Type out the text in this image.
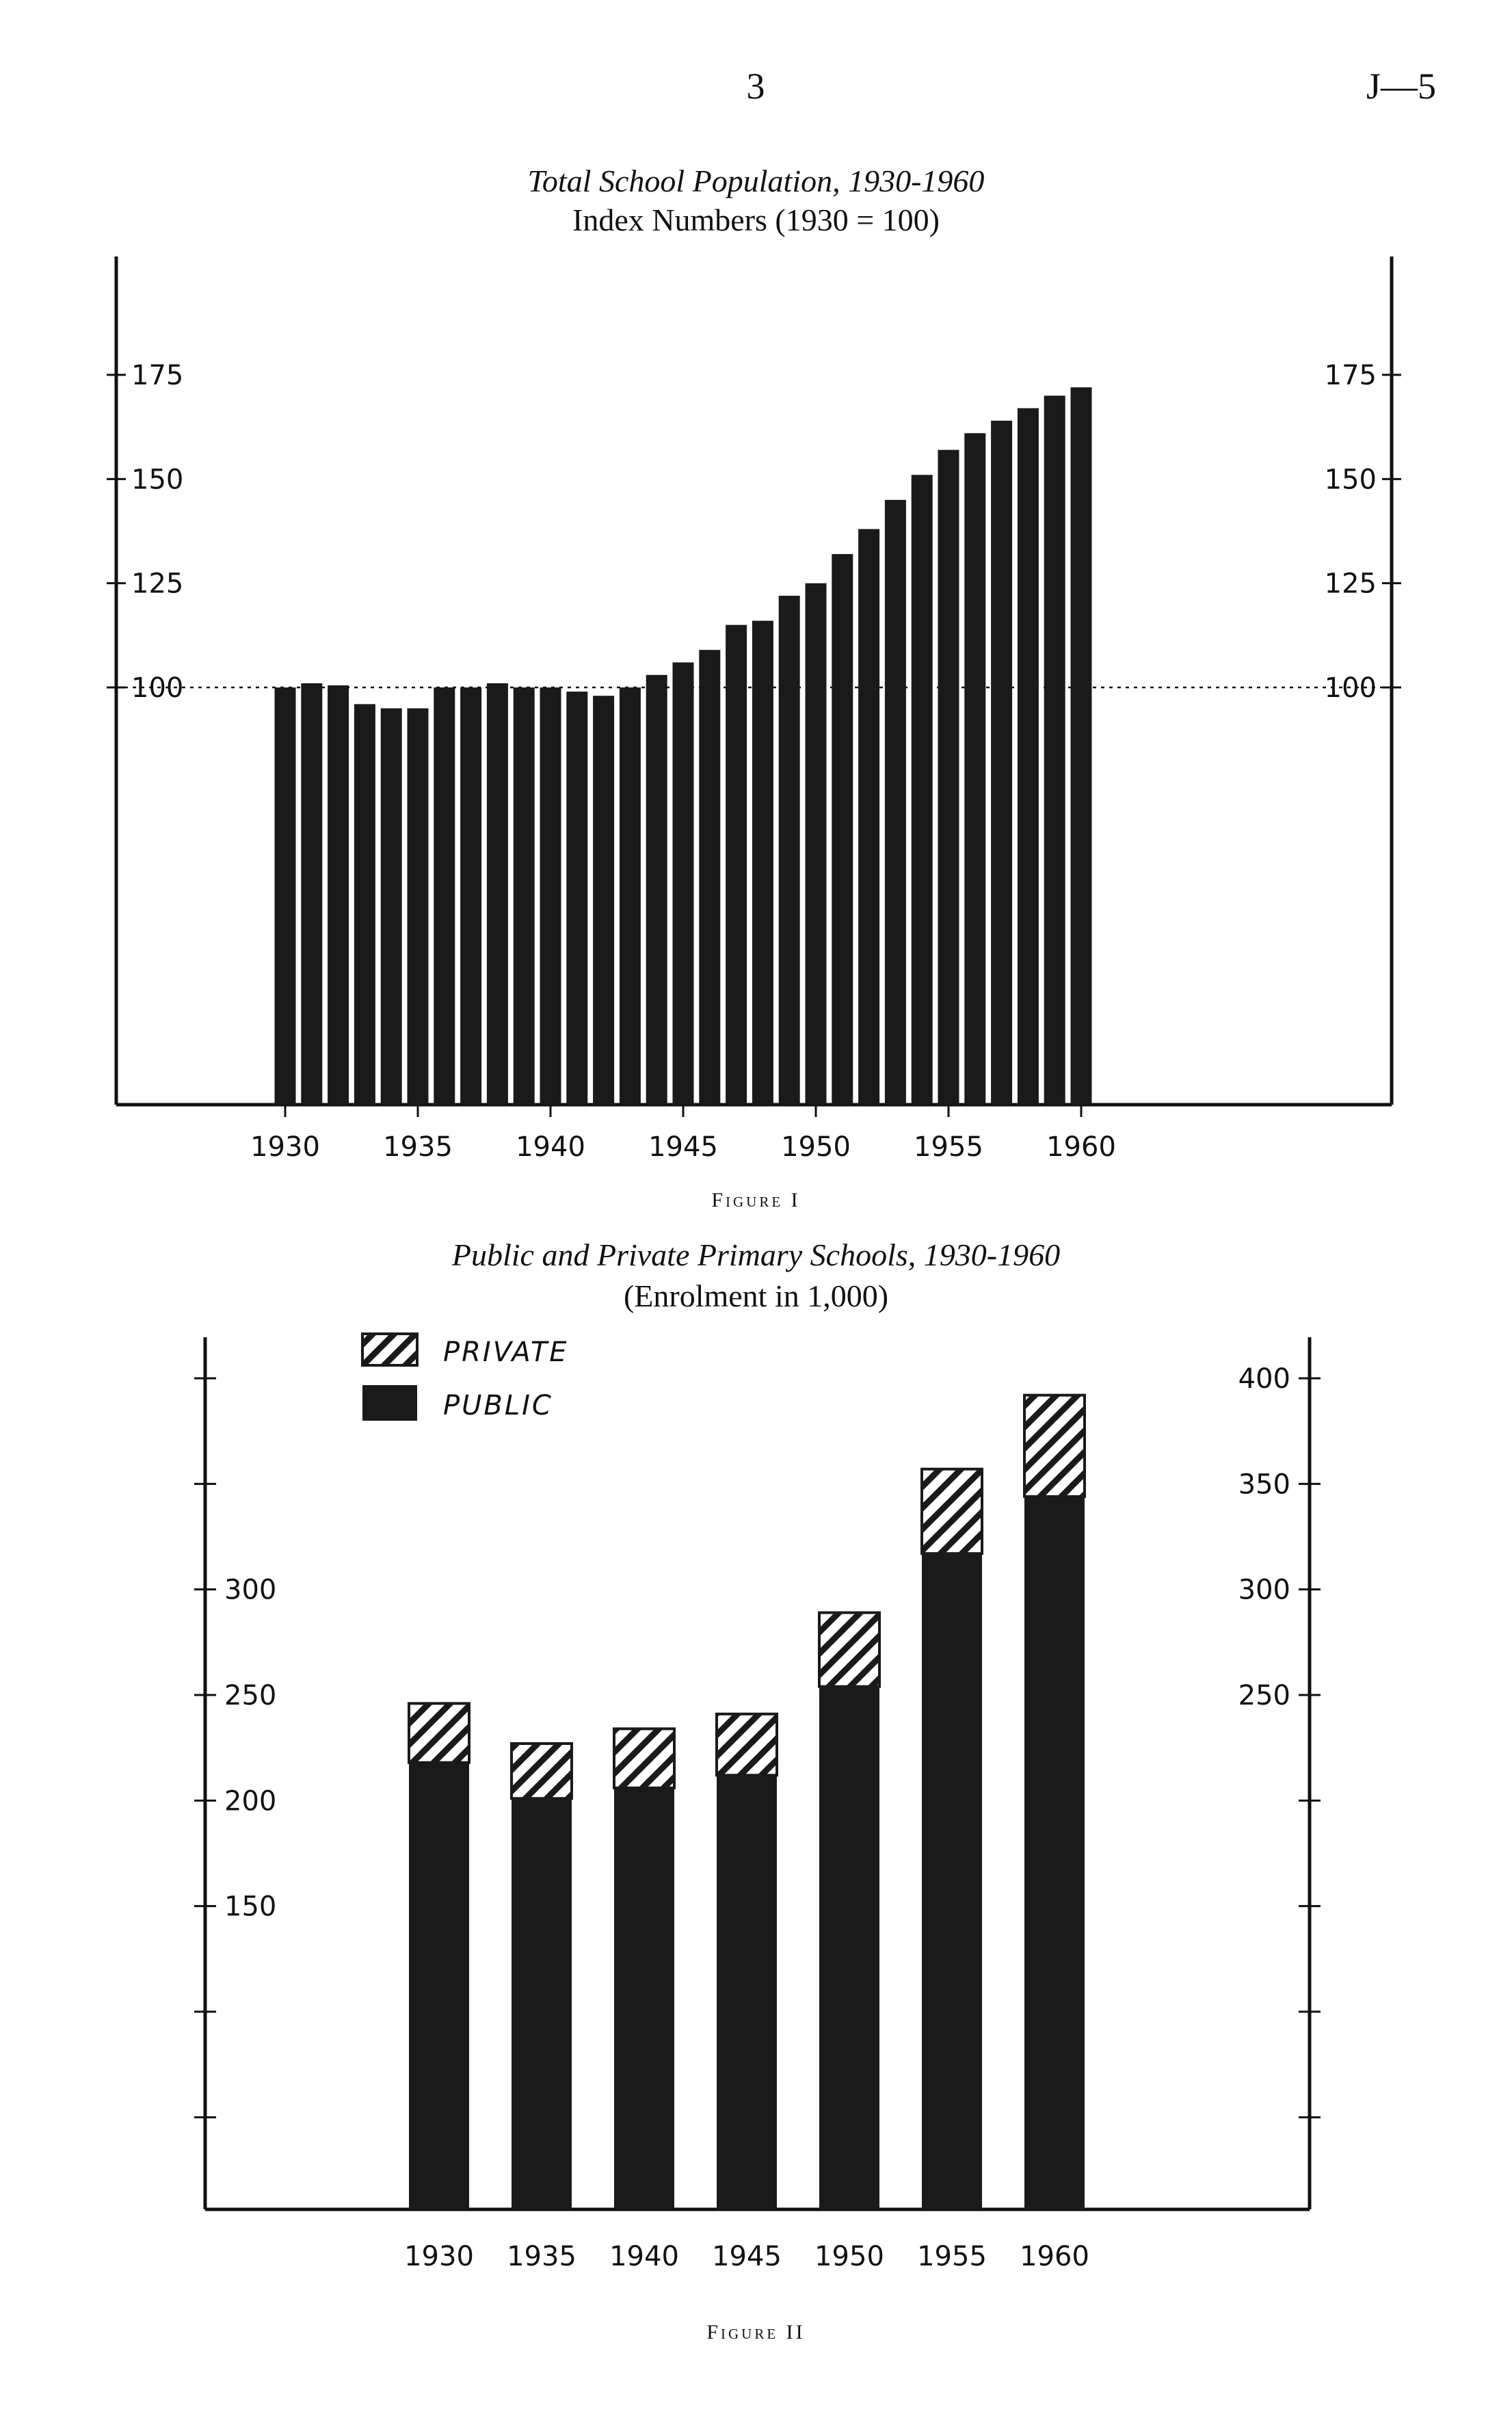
3	J—5
Total School Population, 1930-1960
Index Numbers (1930 = 100)
Figure I
Public and Private Primary Schools, 1930-1960
(Enrolment in 1,000)
Figure II
175	175
150	150
125	125
100	100
1930 1935 1940 1945 1950 1955 1960
300
250
200
150
400
350
300
250
1930 1935 1940 1945 1950 1955 1960
PRIVATE
PUBLIC
